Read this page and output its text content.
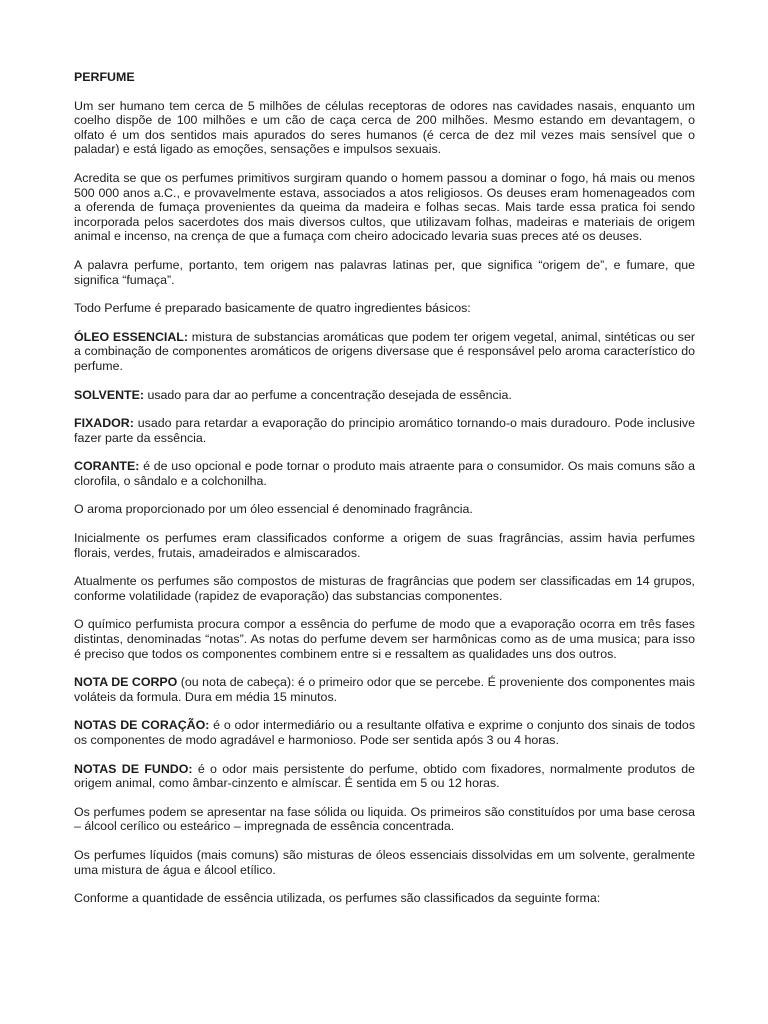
PERFUME

Um ser humano tem cerca de 5 milhões de células receptoras de odores nas cavidades nasais, enquanto um coelho dispõe de 100 milhões e um cão de caça cerca de 200 milhões. Mesmo estando em devantagem, o olfato é um dos sentidos mais apurados do seres humanos (é cerca de dez mil vezes mais sensível que o paladar) e está ligado as emoções, sensações e impulsos sexuais.

Acredita se que os perfumes primitivos surgiram quando o homem passou a dominar o fogo, há mais ou menos 500 000 anos a.C., e provavelmente estava, associados a atos religiosos. Os deuses eram homenageados com a oferenda de fumaça provenientes da queima da madeira e folhas secas. Mais tarde essa pratica foi sendo incorporada pelos sacerdotes dos mais diversos cultos, que utilizavam folhas, madeiras e materiais de origem animal e incenso, na crença de que a fumaça com cheiro adocicado levaria suas preces até os deuses.

A palavra perfume, portanto, tem origem nas palavras latinas per, que significa “origem de”, e fumare, que significa “fumaça”.

Todo Perfume é preparado basicamente de quatro ingredientes básicos:

ÓLEO ESSENCIAL: mistura de substancias aromáticas que podem ter origem vegetal, animal, sintéticas ou ser a combinação de componentes aromáticos de origens diversase que é responsável pelo aroma característico do perfume.

SOLVENTE: usado para dar ao perfume a concentração desejada de essência.

FIXADOR: usado para retardar a evaporação do principio aromático tornando-o mais duradouro. Pode inclusive fazer parte da essência.

CORANTE: é de uso opcional e pode tornar o produto mais atraente para o consumidor. Os mais comuns são a clorofila, o sândalo e a colchonilha.

O aroma proporcionado por um óleo essencial é denominado fragrância.

Inicialmente os perfumes eram classificados conforme a origem de suas fragrâncias, assim havia perfumes florais, verdes, frutais, amadeirados e almiscarados.

Atualmente os perfumes são compostos de misturas de fragrâncias que podem ser classificadas em 14 grupos, conforme volatilidade (rapidez de evaporação) das substancias componentes.

O químico perfumista procura compor a essência do perfume de modo que a evaporação ocorra em três fases distintas, denominadas “notas”. As notas do perfume devem ser harmônicas como as de uma musica; para isso é preciso que todos os componentes combinem entre si e ressaltem as qualidades uns dos outros.

NOTA DE CORPO (ou nota de cabeça): é o primeiro odor que se percebe. É proveniente dos componentes mais voláteis da formula. Dura em média 15 minutos.

NOTAS DE CORAÇÃO: é o odor intermediário ou a resultante olfativa e exprime o conjunto dos sinais de todos os componentes de modo agradável e harmonioso. Pode ser sentida após 3 ou 4 horas.

NOTAS DE FUNDO: é o odor mais persistente do perfume, obtido com fixadores, normalmente produtos de origem animal, como âmbar-cinzento e almíscar. É sentida em 5 ou 12 horas.

Os perfumes podem se apresentar na fase sólida ou liquida. Os primeiros são constituídos por uma base cerosa – álcool cerílico ou esteárico – impregnada de essência concentrada.

Os perfumes líquidos (mais comuns) são misturas de óleos essenciais dissolvidas em um solvente, geralmente uma mistura de água e álcool etílico.

Conforme a quantidade de essência utilizada, os perfumes são classificados da seguinte forma:
